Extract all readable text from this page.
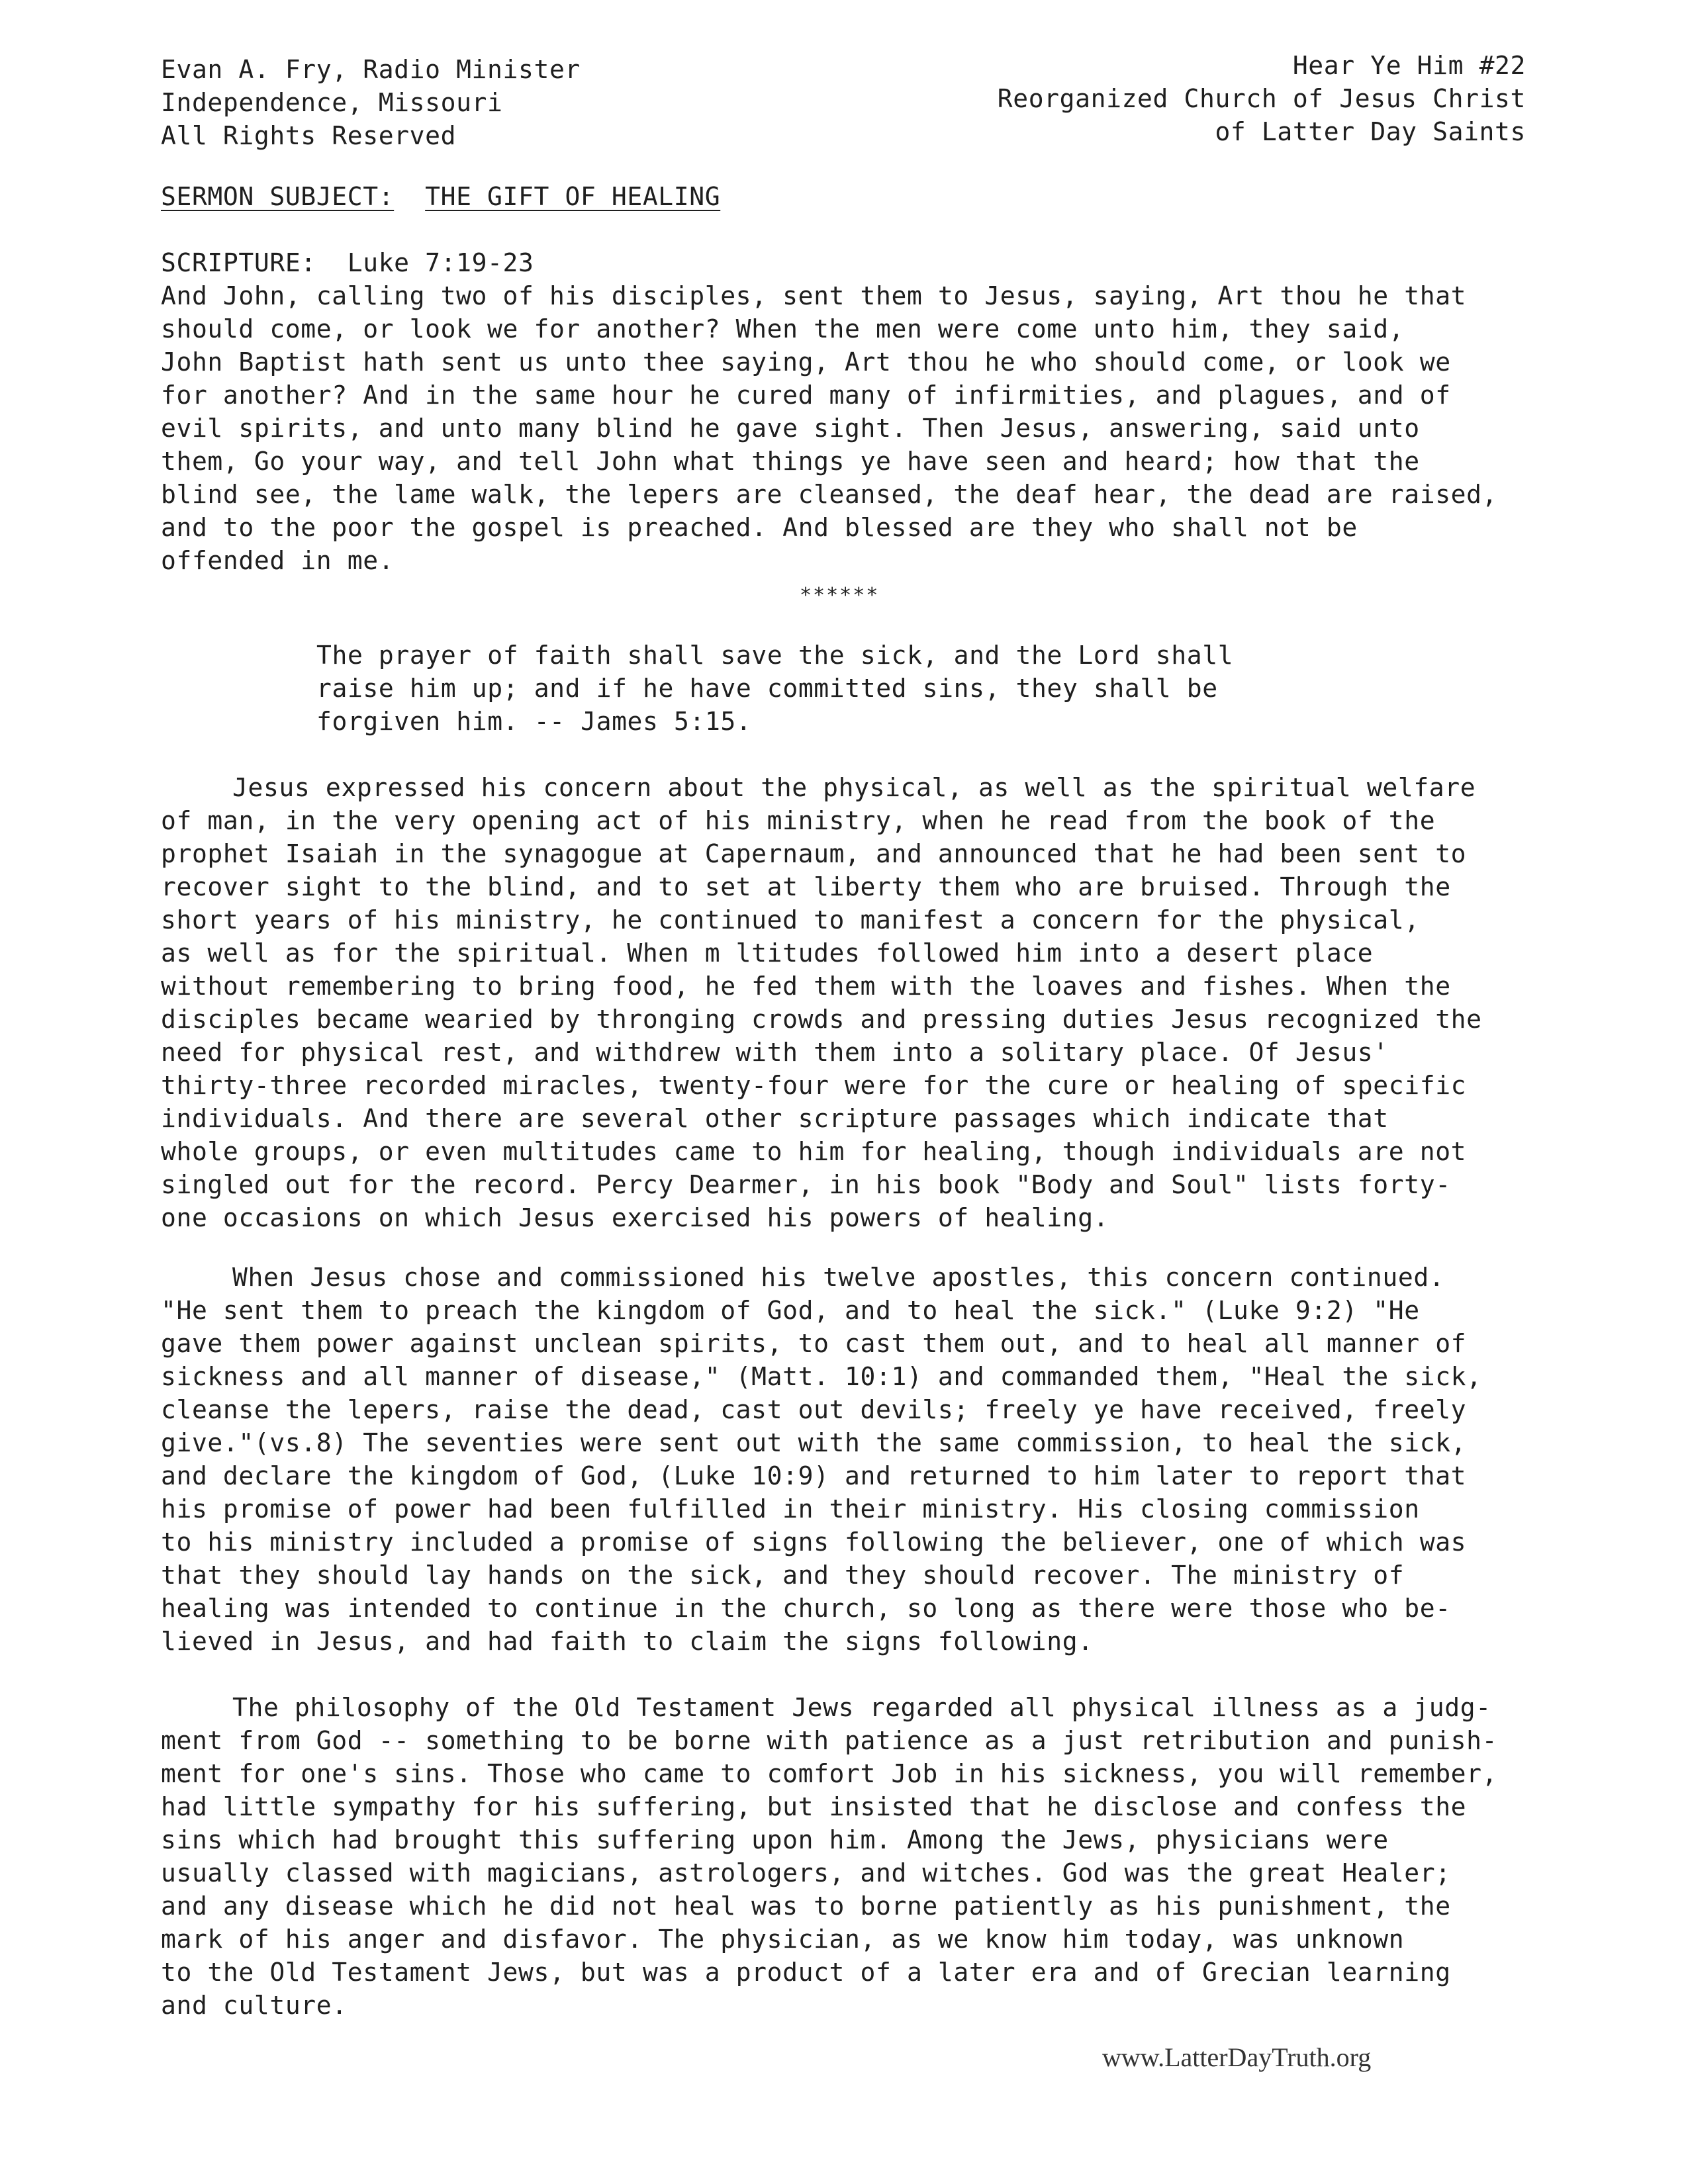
Evan A. Fry, Radio Minister
Independence, Missouri
All Rights Reserved
Hear Ye Him #22
Reorganized Church of Jesus Christ
of Latter Day Saints
SERMON SUBJECT: THE GIFT OF HEALING
SCRIPTURE: Luke 7:19-23
And John, calling two of his disciples, sent them to Jesus, saying, Art thou he that
should come, or look we for another? When the men were come unto him, they said,
John Baptist hath sent us unto thee saying, Art thou he who should come, or look we
for another? And in the same hour he cured many of infirmities, and plagues, and of
evil spirits, and unto many blind he gave sight. Then Jesus, answering, said unto
them, Go your way, and tell John what things ye have seen and heard; how that the
blind see, the lame walk, the lepers are cleansed, the deaf hear, the dead are raised,
and to the poor the gospel is preached. And blessed are they who shall not be
offended in me.
******
The prayer of faith shall save the sick, and the Lord shall
raise him up; and if he have committed sins, they shall be
forgiven him. -- James 5:15.
Jesus expressed his concern about the physical, as well as the spiritual welfare
of man, in the very opening act of his ministry, when he read from the book of the
prophet Isaiah in the synagogue at Capernaum, and announced that he had been sent to
recover sight to the blind, and to set at liberty them who are bruised. Through the
short years of his ministry, he continued to manifest a concern for the physical,
as well as for the spiritual. When m ltitudes followed him into a desert place
without remembering to bring food, he fed them with the loaves and fishes. When the
disciples became wearied by thronging crowds and pressing duties Jesus recognized the
need for physical rest, and withdrew with them into a solitary place. Of Jesus'
thirty-three recorded miracles, twenty-four were for the cure or healing of specific
individuals. And there are several other scripture passages which indicate that
whole groups, or even multitudes came to him for healing, though individuals are not
singled out for the record. Percy Dearmer, in his book "Body and Soul" lists forty-
one occasions on which Jesus exercised his powers of healing.
When Jesus chose and commissioned his twelve apostles, this concern continued.
"He sent them to preach the kingdom of God, and to heal the sick." (Luke 9:2) "He
gave them power against unclean spirits, to cast them out, and to heal all manner of
sickness and all manner of disease," (Matt. 10:1) and commanded them, "Heal the sick,
cleanse the lepers, raise the dead, cast out devils; freely ye have received, freely
give."(vs.8) The seventies were sent out with the same commission, to heal the sick,
and declare the kingdom of God, (Luke 10:9) and returned to him later to report that
his promise of power had been fulfilled in their ministry. His closing commission
to his ministry included a promise of signs following the believer, one of which was
that they should lay hands on the sick, and they should recover. The ministry of
healing was intended to continue in the church, so long as there were those who be-
lieved in Jesus, and had faith to claim the signs following.
The philosophy of the Old Testament Jews regarded all physical illness as a judg-
ment from God -- something to be borne with patience as a just retribution and punish-
ment for one's sins. Those who came to comfort Job in his sickness, you will remember,
had little sympathy for his suffering, but insisted that he disclose and confess the
sins which had brought this suffering upon him. Among the Jews, physicians were
usually classed with magicians, astrologers, and witches. God was the great Healer;
and any disease which he did not heal was to borne patiently as his punishment, the
mark of his anger and disfavor. The physician, as we know him today, was unknown
to the Old Testament Jews, but was a product of a later era and of Grecian learning
and culture.
www.LatterDayTruth.org
